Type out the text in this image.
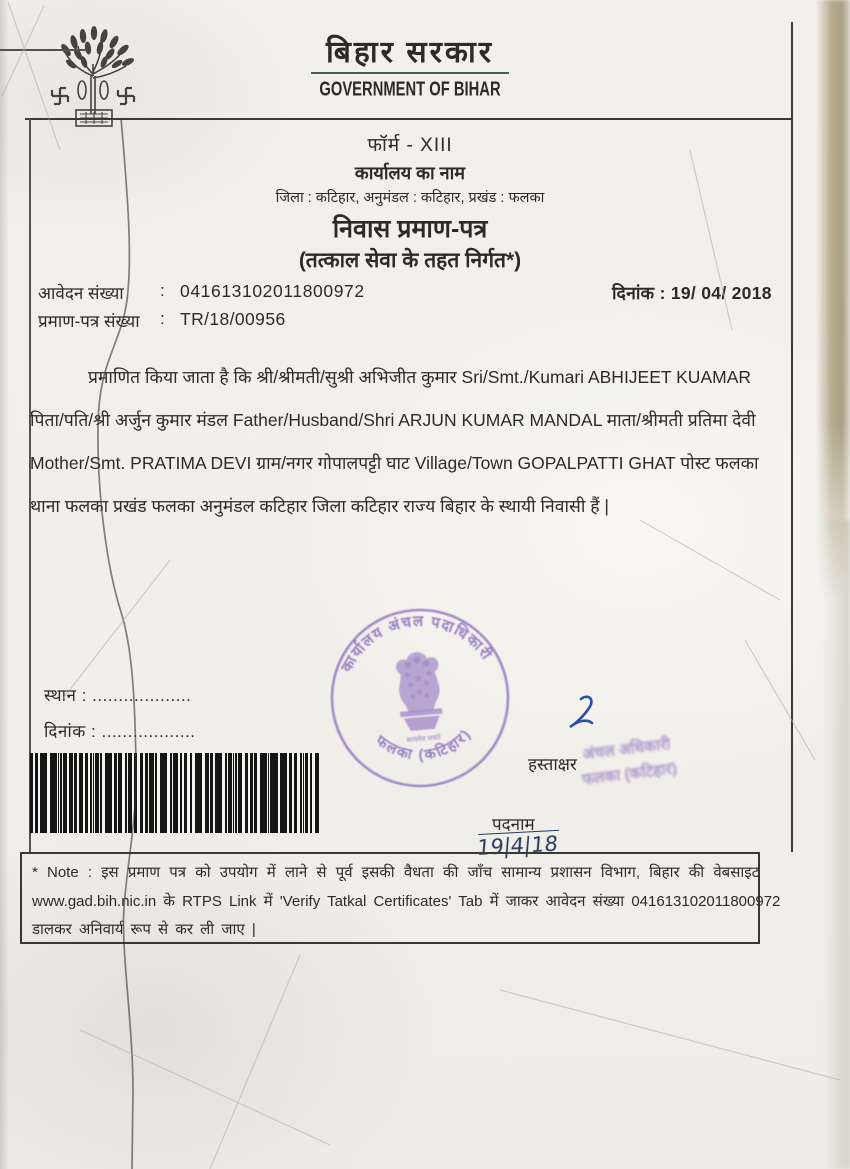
बिहार सरकार
GOVERNMENT OF BIHAR
फॉर्म - XIII
कार्यालय का नाम
जिला : कटिहार, अनुमंडल : कटिहार, प्रखंड : फलका
निवास प्रमाण-पत्र
(तत्काल सेवा के तहत निर्गत*)
आवेदन संख्या : 041613102011800972
प्रमाण-पत्र संख्या : TR/18/00956
दिनांक : 19/ 04/ 2018
प्रमाणित किया जाता है कि श्री/श्रीमती/सुश्री अभिजीत कुमार Sri/Smt./Kumari ABHIJEET KUAMAR
पिता/पति/श्री अर्जुन कुमार मंडल Father/Husband/Shri ARJUN KUMAR MANDAL माता/श्रीमती प्रतिमा देवी
Mother/Smt. PRATIMA DEVI ग्राम/नगर गोपालपट्टी घाट Village/Town GOPALPATTI GHAT पोस्ट फलका
थाना फलका प्रखंड फलका अनुमंडल कटिहार जिला कटिहार राज्य बिहार के स्थायी निवासी हैं |
स्थान : ...................
दिनांक : ..................
कार्यालय अंचल पदाधिकारी
फलका (कटिहार)
सत्यमेव जयते
हस्ताक्षर
अंचल अधिकारी
फलका (कटिहार)
पदनाम
19|4|18
* Note : इस प्रमाण पत्र को उपयोग में लाने से पूर्व इसकी वैधता की जाँच सामान्य प्रशासन विभाग, बिहार की वेबसाइट
www.gad.bih.nic.in के RTPS Link में 'Verify Tatkal Certificates' Tab में जाकर आवेदन संख्या 041613102011800972
डालकर अनिवार्य रूप से कर ली जाए |
